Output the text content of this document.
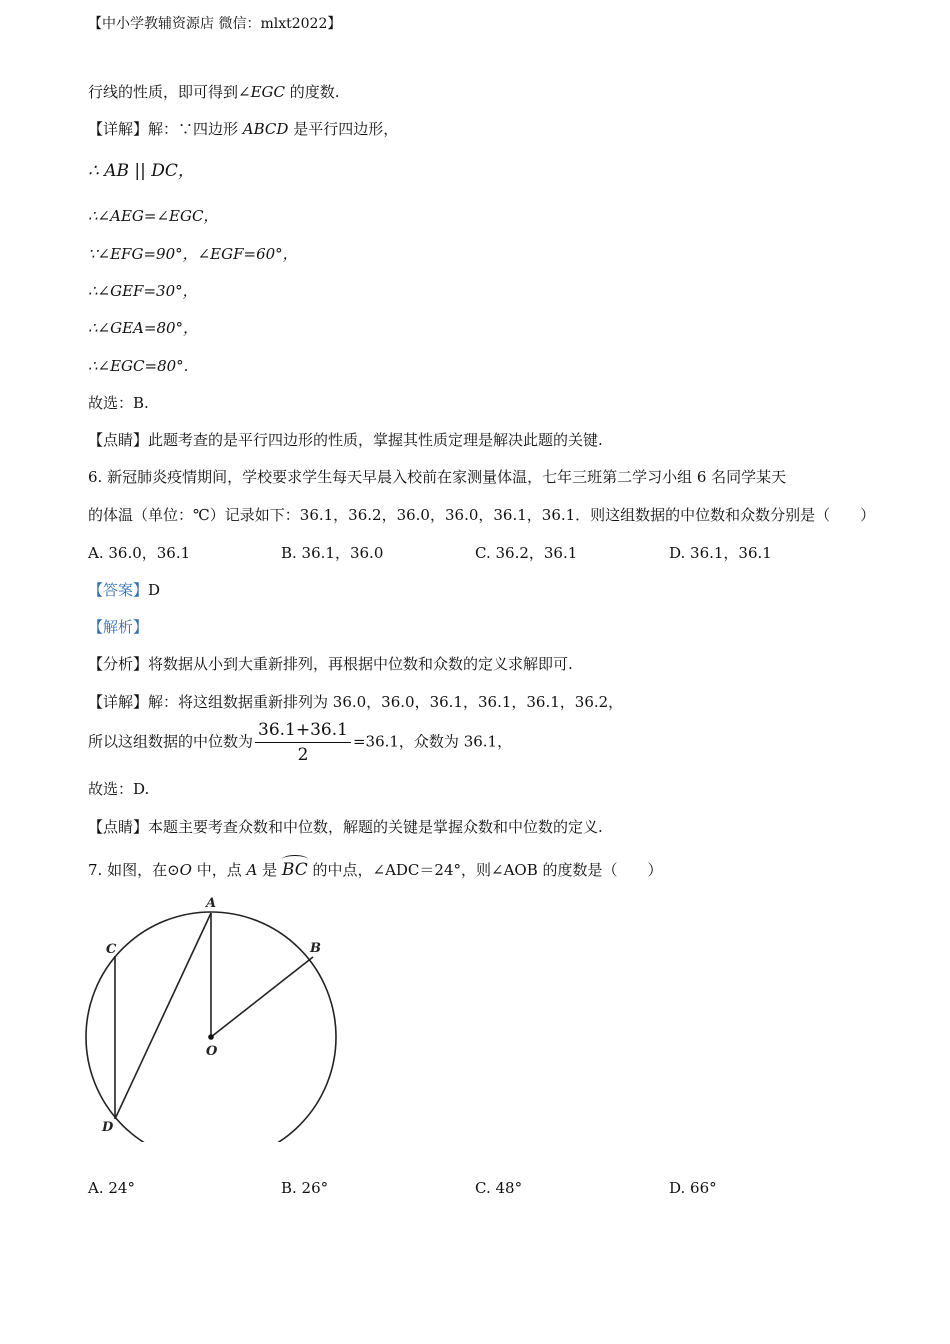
【中小学教辅资源店 微信：mlxt2022】
行线的性质，即可得到∠EGC 的度数.
【详解】解：∵四边形 ABCD 是平行四边形，
∴ AB || DC，
∴∠AEG=∠EGC，
∵∠EFG=90°，∠EGF=60°，
∴∠GEF=30°，
∴∠GEA=80°，
∴∠EGC=80°.
故选：B.
【点睛】此题考查的是平行四边形的性质，掌握其性质定理是解决此题的关键.
6. 新冠肺炎疫情期间，学校要求学生每天早晨入校前在家测量体温，七年三班第二学习小组 6 名同学某天
的体温（单位：℃）记录如下：36.1，36.2，36.0，36.0，36.1，36.1．则这组数据的中位数和众数分别是（　　）
A. 36.0，36.1	B. 36.1，36.0	C. 36.2，36.1	D. 36.1，36.1
【答案】D
【解析】
【分析】将数据从小到大重新排列，再根据中位数和众数的定义求解即可.
【详解】解：将这组数据重新排列为 36.0，36.0，36.1，36.1，36.1，36.2，
所以这组数据的中位数为 $\frac{36.1+36.1}{2} =36.1$，众数为 36.1，
故选：D.
【点睛】本题主要考查众数和中位数，解题的关键是掌握众数和中位数的定义.
7. 如图，在⊙O 中，点 A 是 BC 的中点，∠ADC＝24°，则∠AOB 的度数是（　　）
A
B
C
O
D
A. 24°	B. 26°	C. 48°	D. 66°
